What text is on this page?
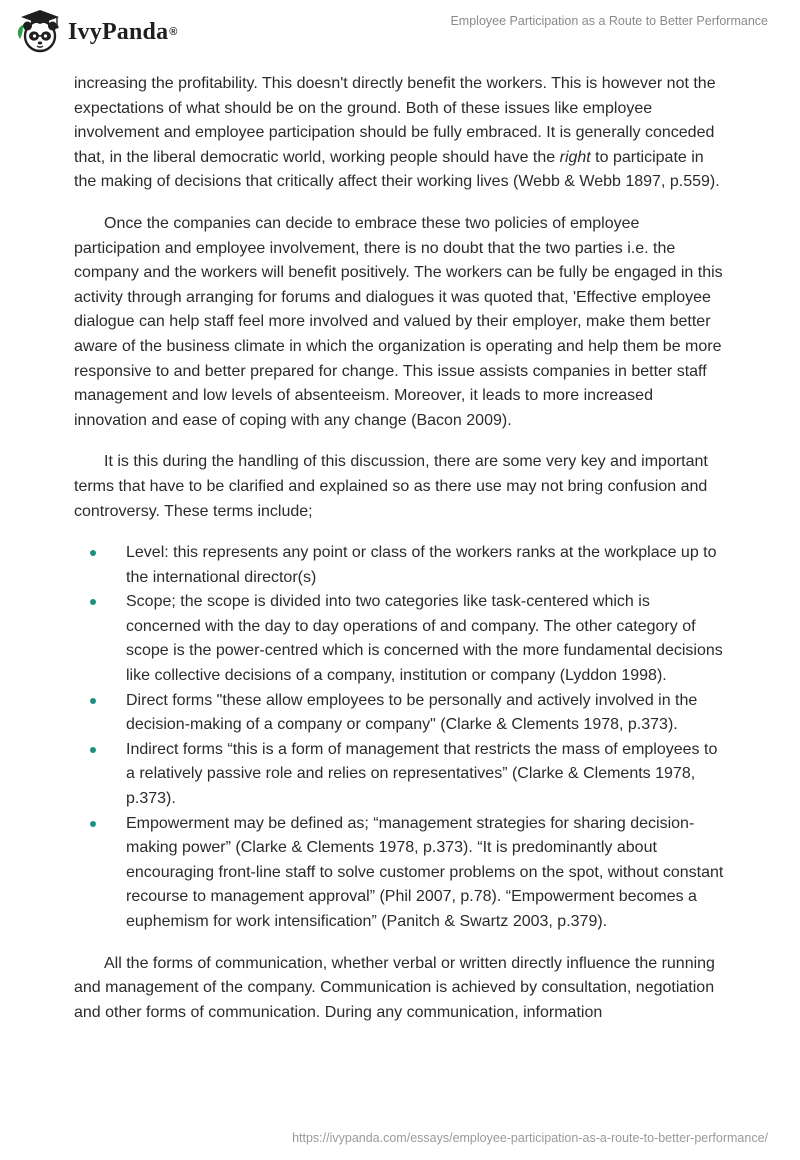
IvyPanda ®
Employee Participation as a Route to Better Performance

increasing the profitability. This doesn't directly benefit the workers. This is however not the expectations of what should be on the ground. Both of these issues like employee involvement and employee participation should be fully embraced. It is generally conceded that, in the liberal democratic world, working people should have the right to participate in the making of decisions that critically affect their working lives (Webb & Webb 1897, p.559).

Once the companies can decide to embrace these two policies of employee participation and employee involvement, there is no doubt that the two parties i.e. the company and the workers will benefit positively. The workers can be fully be engaged in this activity through arranging for forums and dialogues it was quoted that, 'Effective employee dialogue can help staff feel more involved and valued by their employer, make them better aware of the business climate in which the organization is operating and help them be more responsive to and better prepared for change. This issue assists companies in better staff management and low levels of absenteeism. Moreover, it leads to more increased innovation and ease of coping with any change (Bacon 2009).

It is this during the handling of this discussion, there are some very key and important terms that have to be clarified and explained so as there use may not bring confusion and controversy. These terms include;

Level: this represents any point or class of the workers ranks at the workplace up to the international director(s)
Scope; the scope is divided into two categories like task-centered which is concerned with the day to day operations of and company. The other category of scope is the power-centred which is concerned with the more fundamental decisions like collective decisions of a company, institution or company (Lyddon 1998).
Direct forms "these allow employees to be personally and actively involved in the decision-making of a company or company" (Clarke & Clements 1978, p.373).
Indirect forms “this is a form of management that restricts the mass of employees to a relatively passive role and relies on representatives” (Clarke & Clements 1978, p.373).
Empowerment may be defined as; “management strategies for sharing decision-making power” (Clarke & Clements 1978, p.373). “It is predominantly about encouraging front-line staff to solve customer problems on the spot, without constant recourse to management approval” (Phil 2007, p.78). “Empowerment becomes a euphemism for work intensification” (Panitch & Swartz 2003, p.379).

All the forms of communication, whether verbal or written directly influence the running and management of the company. Communication is achieved by consultation, negotiation and other forms of communication. During any communication, information

https://ivypanda.com/essays/employee-participation-as-a-route-to-better-performance/
